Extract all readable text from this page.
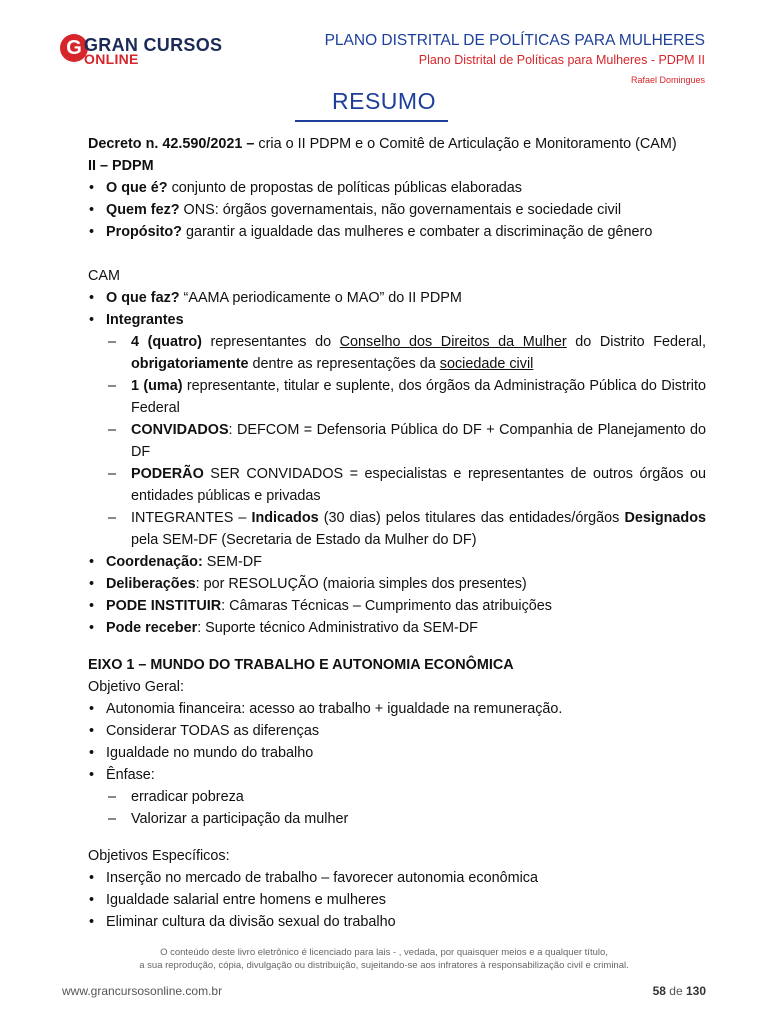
G GRAN CURSOS
ONLINE
PLANO DISTRITAL DE POLÍTICAS PARA MULHERES
Plano Distrital de Políticas para Mulheres - PDPM II
Rafael Domingues
RESUMO

Decreto n. 42.590/2021 – cria o II PDPM e o Comitê de Articulação e Monitoramento (CAM)

II – PDPM

• O que é? conjunto de propostas de políticas públicas elaboradas

• Quem fez? ONS: órgãos governamentais, não governamentais e sociedade civil

• Propósito? garantir a igualdade das mulheres e combater a discriminação de gênero

CAM

• O que faz? “AAMA periodicamente o MAO” do II PDPM

• Integrantes

– 4 (quatro) representantes do Conselho dos Direitos da Mulher do Distrito Federal, obrigatoriamente dentre as representações da sociedade civil

– 1 (uma) representante, titular e suplente, dos órgãos da Administração Pública do Distrito Federal

– CONVIDADOS: DEFCOM = Defensoria Pública do DF + Companhia de Planejamento do DF

– PODERÃO SER CONVIDADOS = especialistas e representantes de outros órgãos ou entidades públicas e privadas

– INTEGRANTES – Indicados (30 dias) pelos titulares das entidades/órgãos Designados pela SEM-DF (Secretaria de Estado da Mulher do DF)

• Coordenação: SEM-DF

• Deliberações: por RESOLUÇÃO (maioria simples dos presentes)

• PODE INSTITUIR: Câmaras Técnicas – Cumprimento das atribuições

• Pode receber: Suporte técnico Administrativo da SEM-DF

EIXO 1 – MUNDO DO TRABALHO E AUTONOMIA ECONÔMICA

Objetivo Geral:

• Autonomia financeira: acesso ao trabalho + igualdade na remuneração.

• Considerar TODAS as diferenças

• Igualdade no mundo do trabalho

• Ênfase:

– erradicar pobreza

– Valorizar a participação da mulher

Objetivos Específicos:

• Inserção no mercado de trabalho – favorecer autonomia econômica

• Igualdade salarial entre homens e mulheres

• Eliminar cultura da divisão sexual do trabalho

O conteúdo deste livro eletrônico é licenciado para lais - , vedada, por quaisquer meios e a qualquer título,
a sua reprodução, cópia, divulgação ou distribuição, sujeitando-se aos infratores à responsabilização civil e criminal.
www.grancursosonline.com.br	58 de 130
